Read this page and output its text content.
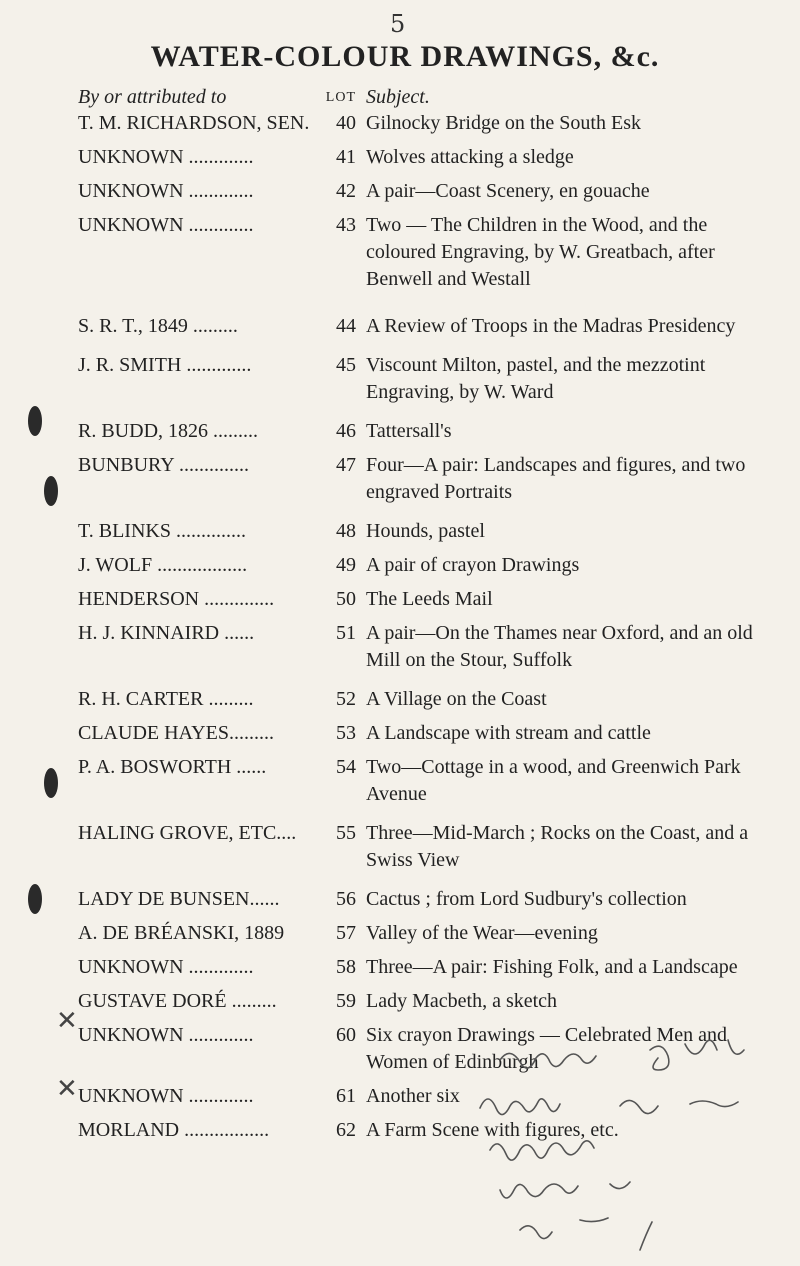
5
WATER-COLOUR DRAWINGS, &c.
By or attributed to	LOT Subject.
T. M. RICHARDSON, SEN.	40 Gilnocky Bridge on the South Esk
UNKNOWN .............	41 Wolves attacking a sledge
UNKNOWN .............	42 A pair—Coast Scenery, en gouache
UNKNOWN .............	43 Two — The Children in the Wood, and the coloured Engraving, by W. Greatbach, after Benwell and Westall
S. R. T., 1849 .........	44 A Review of Troops in the Madras Presidency
J. R. SMITH .............	45 Viscount Milton, pastel, and the mezzotint Engraving, by W. Ward
R. BUDD, 1826 .........	46 Tattersall's
BUNBURY ..............	47 Four—A pair: Landscapes and figures, and two engraved Portraits
T. BLINKS ..............	48 Hounds, pastel
J. WOLF ..................	49 A pair of crayon Drawings
HENDERSON ..............	50 The Leeds Mail
H. J. KINNAIRD ......	51 A pair—On the Thames near Oxford, and an old Mill on the Stour, Suffolk
R. H. CARTER .........	52 A Village on the Coast
CLAUDE HAYES.........	53 A Landscape with stream and cattle
P. A. BOSWORTH ......	54 Two—Cottage in a wood, and Greenwich Park Avenue
HALING GROVE, ETC....	55 Three—Mid-March ; Rocks on the Coast, and a Swiss View
LADY DE BUNSEN......	56 Cactus ; from Lord Sudbury's collection
A. DE BRÉANSKI, 1889	57 Valley of the Wear—evening
UNKNOWN .............	58 Three—A pair: Fishing Folk, and a Landscape
GUSTAVE DORÉ .........	59 Lady Macbeth, a sketch
UNKNOWN .............	60 Six crayon Drawings — Celebrated Men and Women of Edinburgh
UNKNOWN .............	61 Another six
MORLAND .................	62 A Farm Scene with figures, etc.
✕
✕
